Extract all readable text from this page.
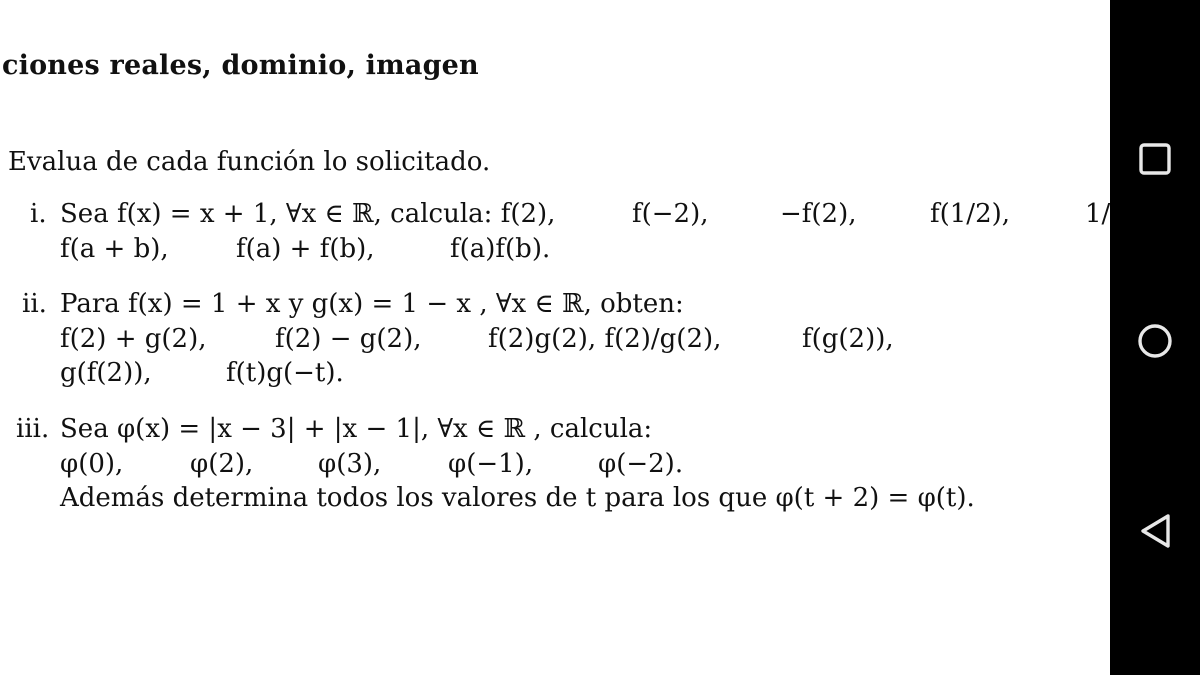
ciones reales, dominio, imagen
Evalua de cada función lo solicitado.
i. Sea f(x) = x + 1, ∀x ∈ ℝ, calcula: f(2),	f(−2),	−f(2),	f(1/2),	1/
f(a + b),	f(a) + f(b),	f(a)f(b).
ii. Para f(x) = 1 + x y g(x) = 1 − x , ∀x ∈ ℝ, obten:
f(2) + g(2),	f(2) − g(2),	f(2)g(2), f(2)/g(2),	f(g(2)),
g(f(2)),	f(t)g(−t).
iii. Sea φ(x) = |x − 3| + |x − 1|, ∀x ∈ ℝ , calcula:
φ(0),	φ(2), φ(3),	φ(−1), φ(−2).
Además determina todos los valores de t para los que φ(t + 2) = φ(t).
